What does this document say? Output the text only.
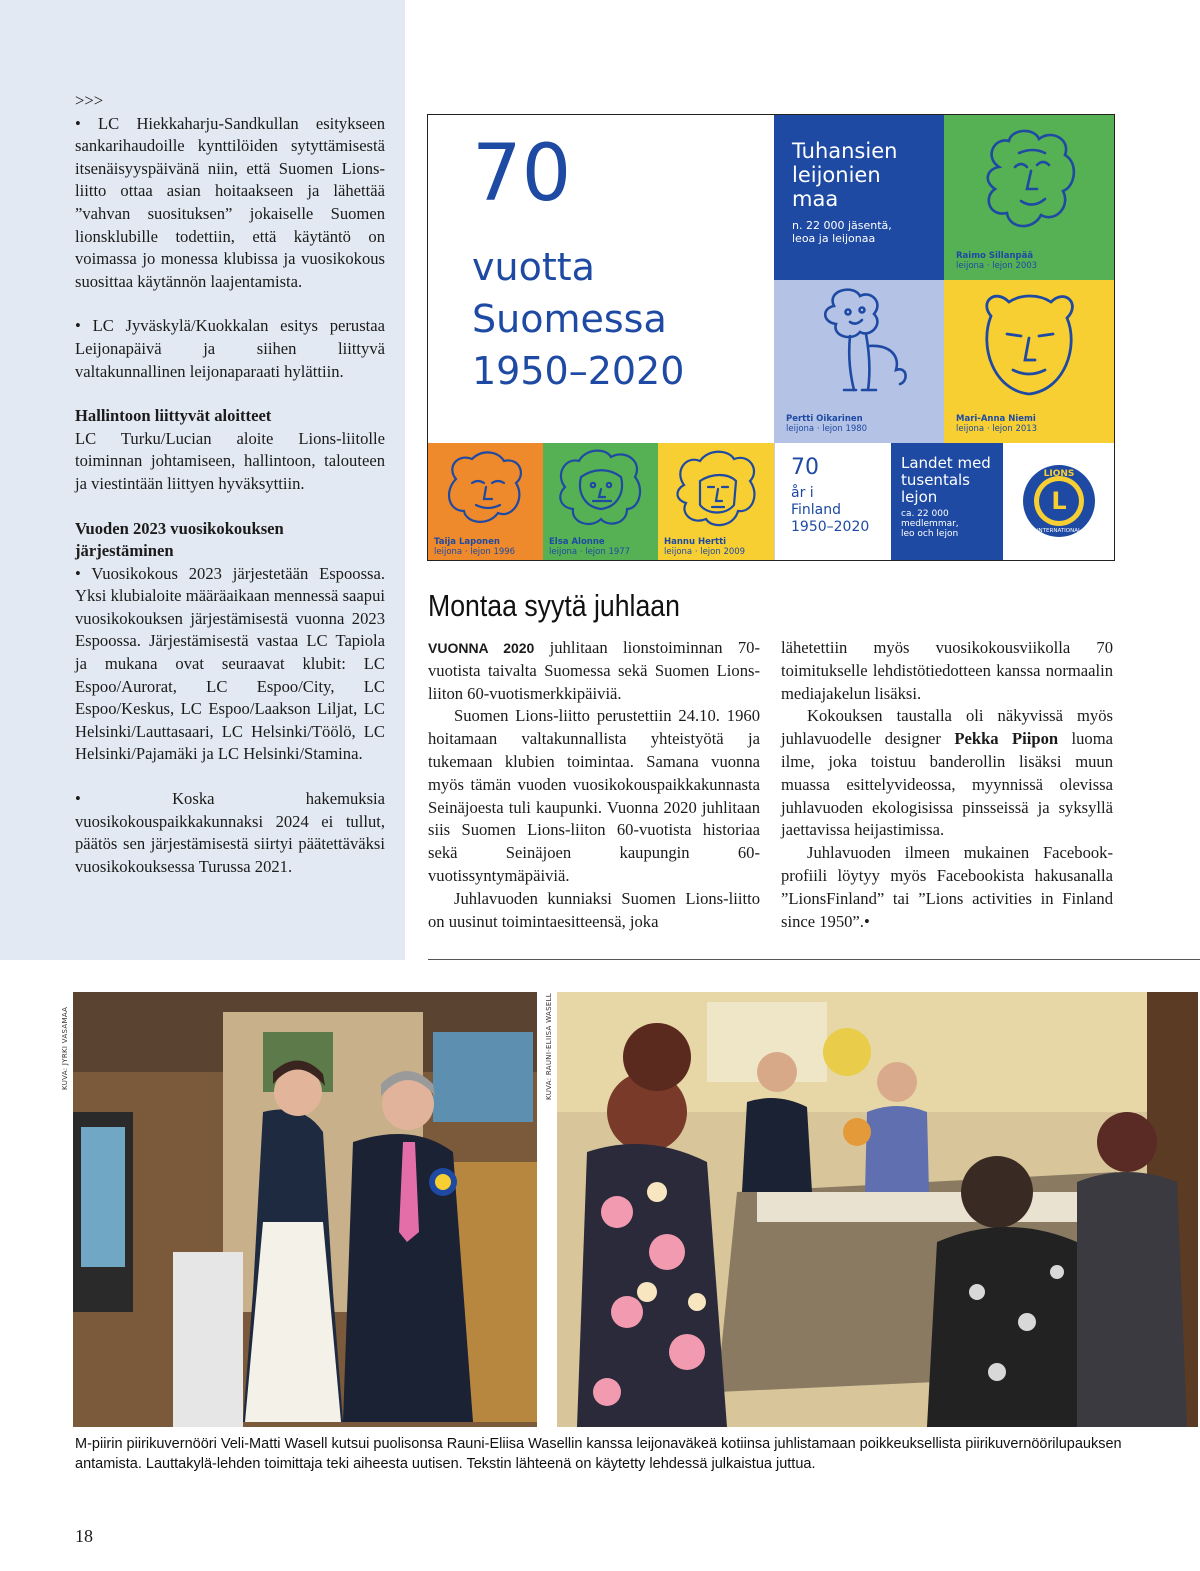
>>>

• LC Hiekkaharju-Sandkullan esitykseen sankarihaudoille kynttilöiden sytyttämisestä itsenäisyyspäivänä niin, että Suomen Lions-liitto ottaa asian hoitaakseen ja lähettää ”vahvan suosituksen” jokaiselle Suomen lionsklubille todettiin, että käytäntö on voimassa jo monessa klubissa ja vuosikokous suosittaa käytännön laajentamista.

• LC Jyväskylä/Kuokkalan esitys perustaa Leijonapäivä ja siihen liittyvä valtakunnallinen leijonaparaati hylättiin.

Hallintoon liittyvät aloitteet

LC Turku/Lucian aloite Lions-liitolle toiminnan johtamiseen, hallintoon, talouteen ja viestintään liittyen hyväksyttiin.

Vuoden 2023 vuosikokouksen järjestäminen

• Vuosikokous 2023 järjestetään Espoossa. Yksi klubialoite määräaikaan mennessä saapui vuosikokouksen järjestämisestä vuonna 2023 Espoossa. Järjestämisestä vastaa LC Tapiola ja mukana ovat seuraavat klubit: LC Espoo/Aurorat, LC Espoo/City, LC Espoo/Keskus, LC Espoo/Laakson Liljat, LC Helsinki/Lauttasaari, LC Helsinki/Töölö, LC Helsinki/Pajamäki ja LC Helsinki/Stamina.

• Koska hakemuksia vuosikokouspaikkakunnaksi 2024 ei tullut, päätös sen järjestämisestä siirtyi päätettäväksi vuosikokouksessa Turussa 2021.

70
vuotta
Suomessa
1950–2020
Tuhansien
leijonien
maa
n. 22 000 jäsentä,
leoa ja leijonaa
Raimo Sillanpää
leijona · lejon 2003
Pertti Oikarinen
leijona · lejon 1980
Mari-Anna Niemi
leijona · lejon 2013
Taija Laponen
leijona · lejon 1996
Elsa Alonne
leijona · lejon 1977
Hannu Hertti
leijona · lejon 2009
70
år i
Finland
1950–2020
Landet med
tusentals
lejon
ca. 22 000
medlemmar,
leo och lejon
LIONS
L
INTERNATIONAL
Montaa syytä juhlaan

VUONNA 2020 juhlitaan lionstoiminnan 70-vuotista taivalta Suomessa sekä Suomen Lions-liiton 60-vuotismerkkipäiviä.

Suomen Lions-liitto perustettiin 24.10. 1960 hoitamaan valtakunnallista yhteistyötä ja tukemaan klubien toimintaa. Samana vuonna myös tämän vuoden vuosikokouspaikkakunnasta Seinäjoesta tuli kaupunki. Vuonna 2020 juhlitaan siis Suomen Lions-liiton 60-vuotista historiaa sekä Seinäjoen kaupungin 60-vuotissyntymäpäiviä.

Juhlavuoden kunniaksi Suomen Lions-liitto on uusinut toimintaesitteensä, joka

lähetettiin myös vuosikokousviikolla 70 toimitukselle lehdistötiedotteen kanssa normaalin mediajakelun lisäksi.

Kokouksen taustalla oli näkyvissä myös juhlavuodelle designer Pekka Piipon luoma ilme, joka toistuu banderollin lisäksi muun muassa esittelyvideossa, myynnissä olevissa juhlavuoden ekologisissa pinsseissä ja syksyllä jaettavissa heijastimissa.

Juhlavuoden ilmeen mukainen Facebook-profiili löytyy myös Facebookista hakusanalla ”LionsFinland” tai ”Lions activities in Finland since 1950”.•

KUVA: JYRKI VASAMAA	KUVA: RAUNI-ELIISA WASELL
M-piirin piirikuvernööri Veli-Matti Wasell kutsui puolisonsa Rauni-Eliisa Wasellin kanssa leijonaväkeä kotiinsa juhlistamaan poikkeuksellista piirikuvernöörilupauksen antamista. Lauttakylä-lehden toimittaja teki aiheesta uutisen. Tekstin lähteenä on käytetty lehdessä julkaistua juttua.
18
